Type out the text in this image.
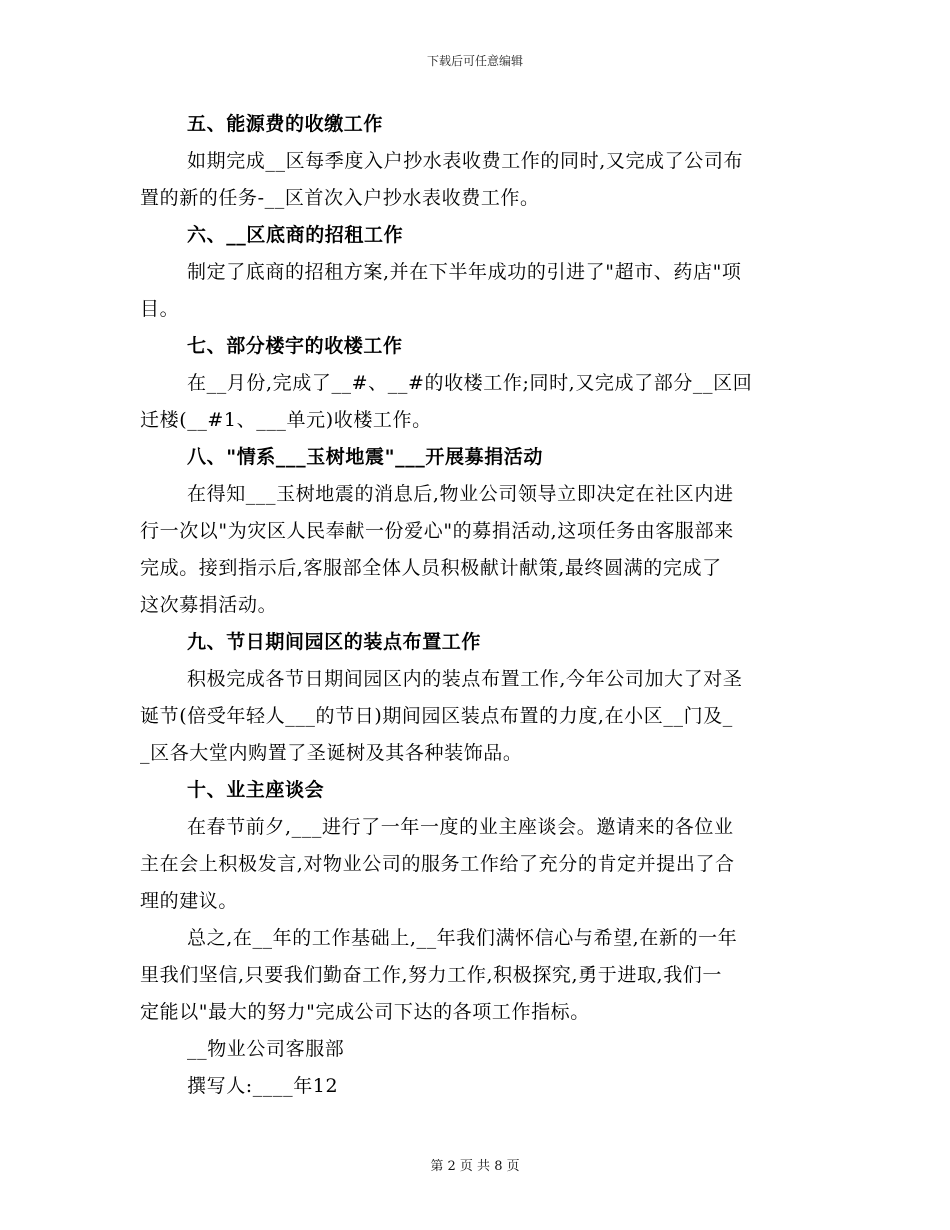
下载后可任意编辑
五、能源费的收缴工作
如期完成__区每季度入户抄水表收费工作的同时,又完成了公司布
置的新的任务-__区首次入户抄水表收费工作。
六、__区底商的招租工作
制定了底商的招租方案,并在下半年成功的引进了"超市、药店"项
目。
七、部分楼宇的收楼工作
在__月份,完成了__#、__#的收楼工作;同时,又完成了部分__区回
迁楼(__#1、___单元)收楼工作。
八、"情系___玉树地震"___开展募捐活动
在得知___玉树地震的消息后,物业公司领导立即决定在社区内进
行一次以"为灾区人民奉献一份爱心"的募捐活动,这项任务由客服部来
完成。接到指示后,客服部全体人员积极献计献策,最终圆满的完成了
这次募捐活动。
九、节日期间园区的装点布置工作
积极完成各节日期间园区内的装点布置工作,今年公司加大了对圣
诞节(倍受年轻人___的节日)期间园区装点布置的力度,在小区__门及_
_区各大堂内购置了圣诞树及其各种装饰品。
十、业主座谈会
在春节前夕,___进行了一年一度的业主座谈会。邀请来的各位业
主在会上积极发言,对物业公司的服务工作给了充分的肯定并提出了合
理的建议。
总之,在__年的工作基础上,__年我们满怀信心与希望,在新的一年
里我们坚信,只要我们勤奋工作,努力工作,积极探究,勇于进取,我们一
定能以"最大的努力"完成公司下达的各项工作指标。
__物业公司客服部
撰写人:____年12
第 2 页 共 8 页
